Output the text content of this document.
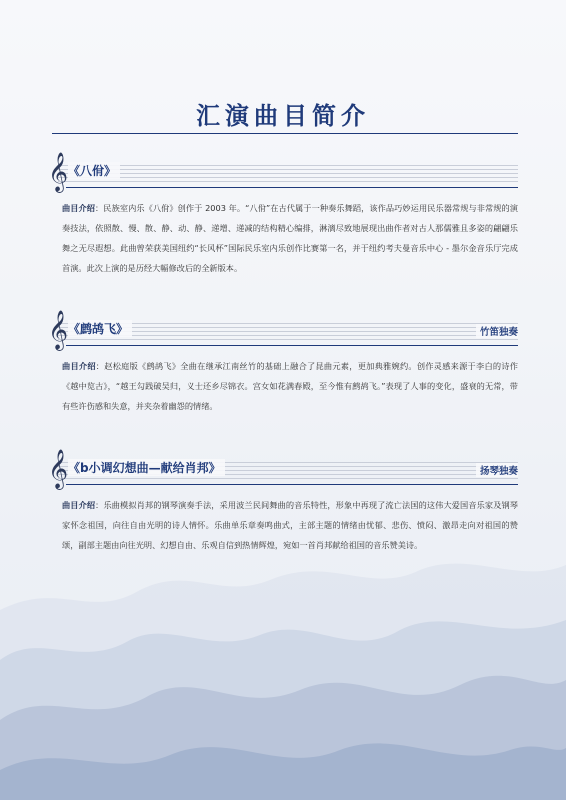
汇演曲目简介
𝄞 《八佾》
曲目介绍：民族室内乐《八佾》创作于 2003 年。“八佾”在古代属于一种奏乐舞蹈，该作品巧妙运用民乐器常规与非常规的演奏技法，依照散、慢、散、静、动、静、递增、递减的结构精心编排，淋漓尽致地展现出曲作者对古人那儒雅且多姿的翩翩乐舞之无尽遐想。此曲曾荣获美国纽约“长风杯”国际民乐室内乐创作比赛第一名，并于纽约考夫曼音乐中心 - 墨尔金音乐厅完成首演。此次上演的是历经大幅修改后的全新版本。
𝄞 《鹧鸪飞》	竹笛独奏
曲目介绍：赵松庭版《鹧鸪飞》全曲在继承江南丝竹的基础上融合了昆曲元素，更加典雅婉约。创作灵感来源于李白的诗作《越中览古》，“越王勾践破吴归，义士还乡尽锦衣。宫女如花满春殿，至今惟有鹧鸪飞。”表现了人事的变化，盛衰的无常，带有些许伤感和失意，并夹杂着幽怨的情绪。
𝄞 《b小调幻想曲—献给肖邦》	扬琴独奏
曲目介绍：乐曲模拟肖邦的钢琴演奏手法，采用波兰民间舞曲的音乐特性，形象中再现了流亡法国的这伟大爱国音乐家及钢琴家怀念祖国，向往自由光明的诗人情怀。乐曲单乐章奏鸣曲式，主部主题的情绪由忧郁、悲伤、愤闷、激昂走向对祖国的赞颂，副部主题由向往光明、幻想自由、乐观自信到热情辉煌，宛如一首肖邦献给祖国的音乐赞美诗。
